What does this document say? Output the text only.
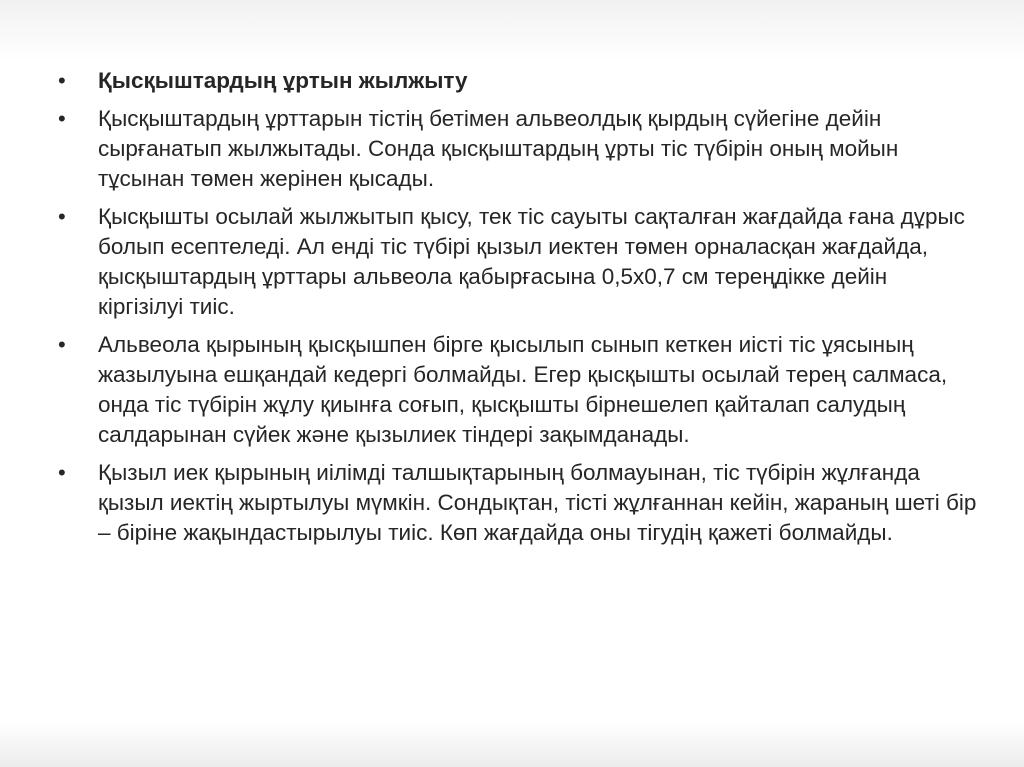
•	Қысқыштардың ұртын жылжыту
•	Қысқыштардың ұрттарын тістің бетімен альвеолдық қырдың сүйегіне дейін сырғанатып жылжытады. Сонда қысқыштардың ұрты тіс түбірін оның мойын тұсынан төмен жерінен қысады.
•	Қысқышты осылай жылжытып қысу, тек тіс сауыты сақталған жағдайда ғана дұрыс болып есептеледі. Ал енді тіс түбірі қызыл иектен төмен орналасқан жағдайда, қысқыштардың ұрттары альвеола қабырғасына 0,5х0,7 см тереңдікке дейін кіргізілуі тиіс.
•	Альвеола қырының қысқышпен бірге қысылып сынып кеткен иісті тіс ұясының жазылуына ешқандай кедергі болмайды. Егер қысқышты осылай терең салмаса, онда тіс түбірін жұлу қиынға соғып, қысқышты бірнешелеп қайталап салудың салдарынан сүйек және қызылиек тіндері зақымданады.
•	Қызыл иек қырының иілімді талшықтарының болмауынан, тіс түбірін жұлғанда қызыл иектің жыртылуы мүмкін. Сондықтан, тісті жұлғаннан кейін, жараның шеті бір – біріне жақындастырылуы тиіс. Көп жағдайда оны тігудің қажеті болмайды.
